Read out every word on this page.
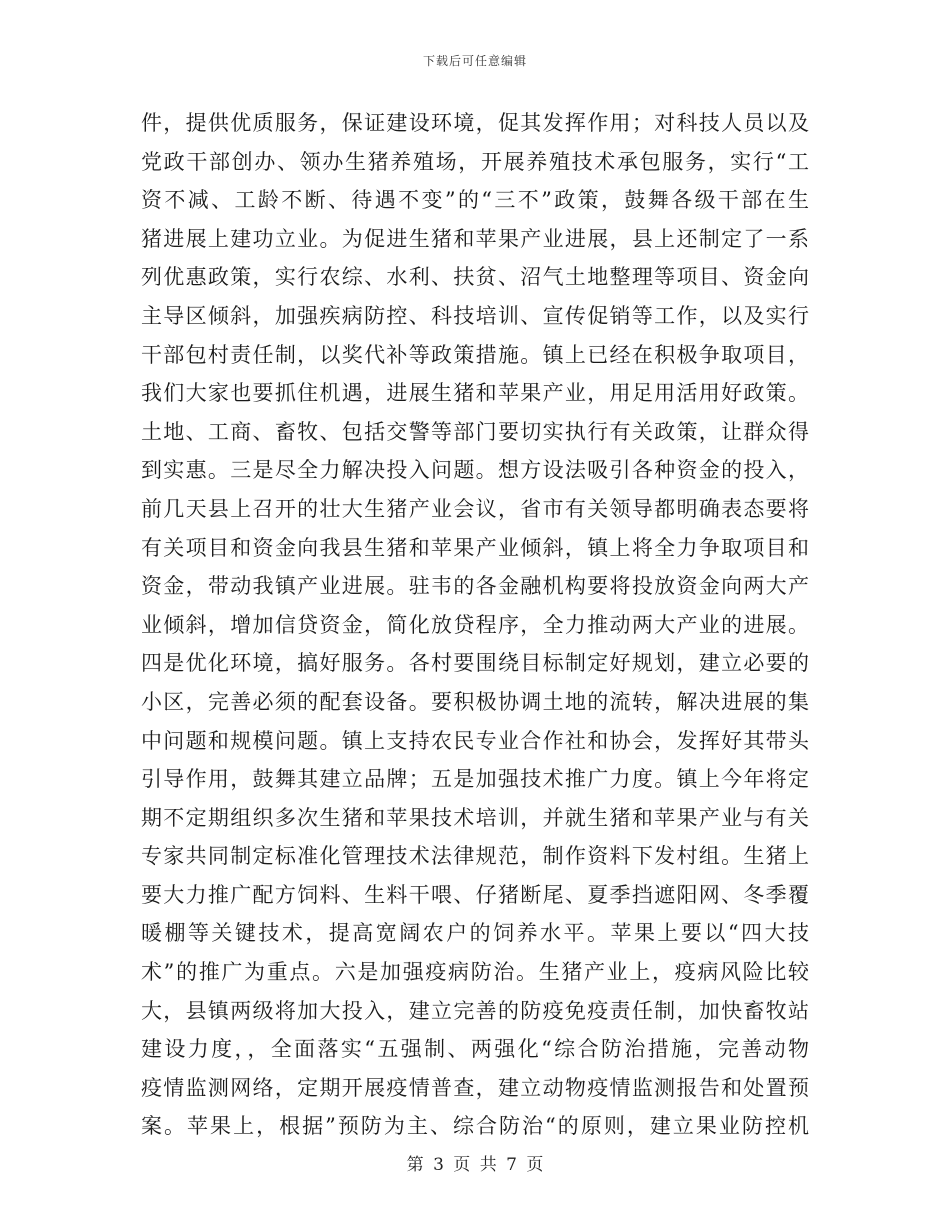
下载后可任意编辑
件，提供优质服务，保证建设环境，促其发挥作用；对科技人员以及
党政干部创办、领办生猪养殖场，开展养殖技术承包服务，实行“工
资不减、工龄不断、待遇不变”的“三不”政策，鼓舞各级干部在生
猪进展上建功立业。为促进生猪和苹果产业进展，县上还制定了一系
列优惠政策，实行农综、水利、扶贫、沼气土地整理等项目、资金向
主导区倾斜，加强疾病防控、科技培训、宣传促销等工作，以及实行
干部包村责任制，以奖代补等政策措施。镇上已经在积极争取项目，
我们大家也要抓住机遇，进展生猪和苹果产业，用足用活用好政策。
土地、工商、畜牧、包括交警等部门要切实执行有关政策，让群众得
到实惠。三是尽全力解决投入问题。想方设法吸引各种资金的投入，
前几天县上召开的壮大生猪产业会议，省市有关领导都明确表态要将
有关项目和资金向我县生猪和苹果产业倾斜，镇上将全力争取项目和
资金，带动我镇产业进展。驻韦的各金融机构要将投放资金向两大产
业倾斜，增加信贷资金，简化放贷程序，全力推动两大产业的进展。
四是优化环境，搞好服务。各村要围绕目标制定好规划，建立必要的
小区，完善必须的配套设备。要积极协调土地的流转，解决进展的集
中问题和规模问题。镇上支持农民专业合作社和协会，发挥好其带头
引导作用，鼓舞其建立品牌；五是加强技术推广力度。镇上今年将定
期不定期组织多次生猪和苹果技术培训，并就生猪和苹果产业与有关
专家共同制定标准化管理技术法律规范，制作资料下发村组。生猪上
要大力推广配方饲料、生料干喂、仔猪断尾、夏季挡遮阳网、冬季覆
暖棚等关键技术，提高宽阔农户的饲养水平。苹果上要以“四大技
术”的推广为重点。六是加强疫病防治。生猪产业上，疫病风险比较
大，县镇两级将加大投入，建立完善的防疫免疫责任制，加快畜牧站
建设力度，，全面落实“五强制、两强化“综合防治措施，完善动物
疫情监测网络，定期开展疫情普查，建立动物疫情监测报告和处置预
案。苹果上，根据”预防为主、综合防治“的原则，建立果业防控机
第 3 页 共 7 页
